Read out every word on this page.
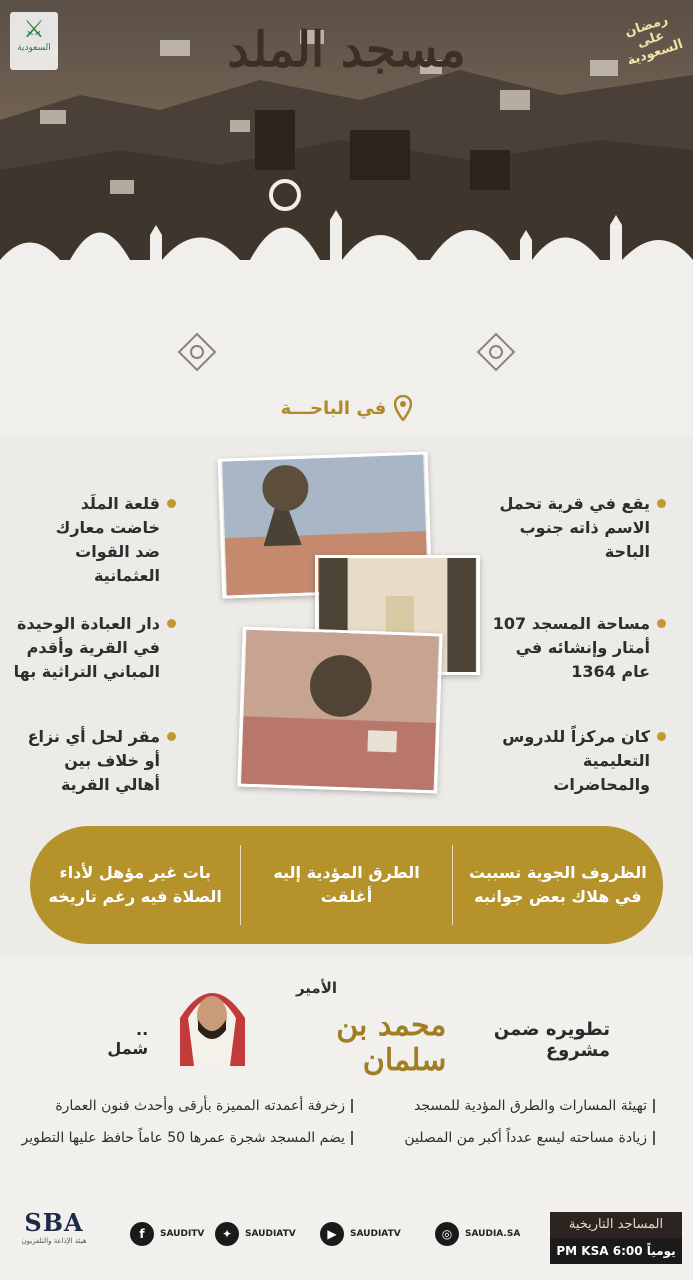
⚔
السعودية
رمضان على السعودية
مسجد الملد
في الباحـــة
يقع في قرية تحمل الاسم ذاته جنوب الباحة
مساحة المسجد 107 أمتار وإنشائه في عام 1364
كان مركزاً للدروس التعليمية والمحاضرات
قلعة الملَد خاضت معارك ضد القوات العثمانية
دار العبادة الوحيدة في القرية وأقدم المباني التراثية بها
مقر لحل أي نزاع أو خلاف بين أهالي القرية
الظروف الجوية تسببت في هلاك بعض جوانبه
الطرق المؤدية إليه أغلقت
بات غير مؤهل لأداء الصلاة فيه رغم تاريخه
الأمير
تطويره ضمن مشروع
محمد بن سلمان
.. شمل
تهيئة المسارات والطرق المؤدية للمسجد
زيادة مساحته ليسع عدداً أكبر من المصلين
زخرفة أعمدته المميزة بأرقى وأحدث فنون العمارة
يضم المسجد شجرة عمرها 50 عاماً حافظ عليها التطوير
SBA
هيئة الإذاعة والتلفزيون	f	SAUDITV	✦	SAUDIATV	▶	SAUDIATV	◎	SAUDIA.SA
المساجد التاريخية
يومياً 6:00 PM KSA
